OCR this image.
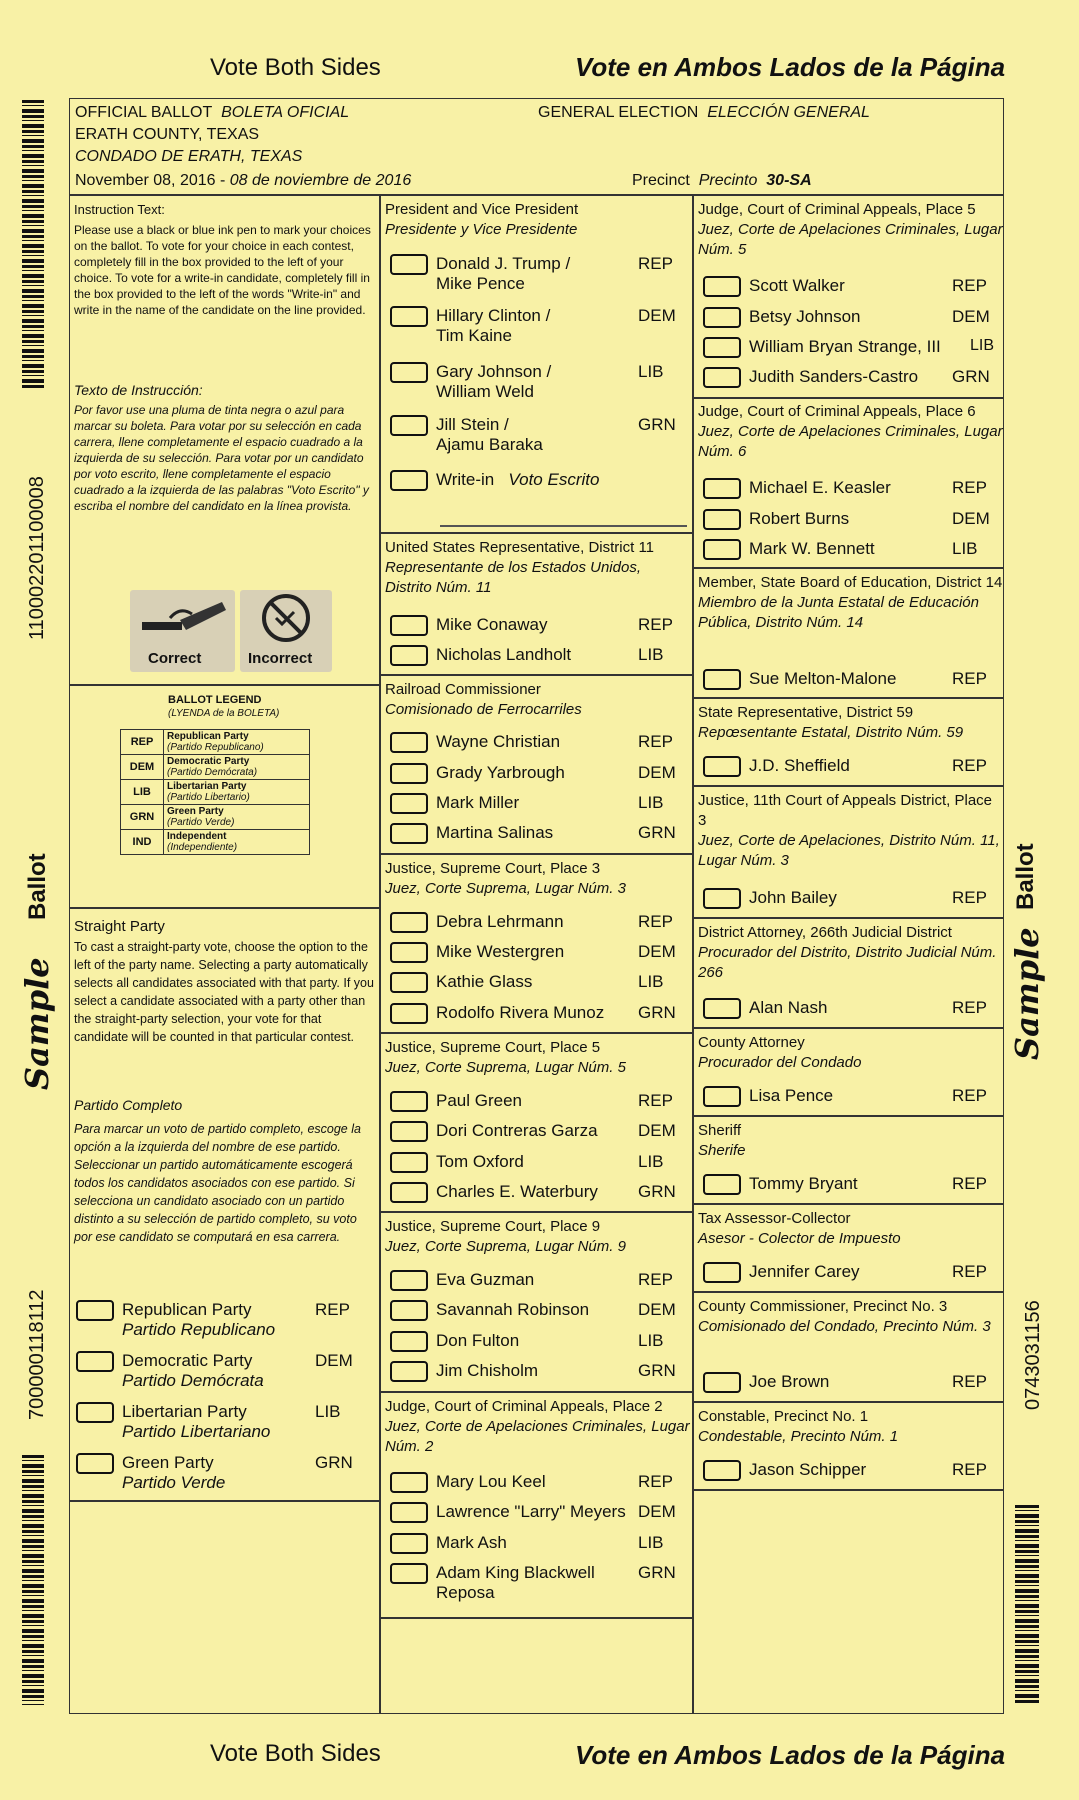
Vote Both Sides	Vote en Ambos Lados de la Página
Vote Both Sides	Vote en Ambos Lados de la Página
110002201100008
700000118112	0743031156
Sample
Ballot
Sample
Ballot
OFFICIAL BALLOT BOLETA OFICIAL	GENERAL ELECTION ELECCIÓN GENERAL
ERATH COUNTY, TEXAS
CONDADO DE ERATH, TEXAS
November 08, 2016 - 08 de noviembre de 2016	Precinct Precinto 30-SA
Instruction Text:
Please use a black or blue ink pen to mark your choices on the ballot. To vote for your choice in each contest, completely fill in the box provided to the left of your choice. To vote for a write-in candidate, completely fill in the box provided to the left of the words "Write-in" and write in the name of the candidate on the line provided.
Texto de Instrucción:
Por favor use una pluma de tinta negra o azul para marcar su boleta. Para votar por su selección en cada carrera, llene completamente el espacio cuadrado a la izquierda de su selección. Para votar por un candidato por voto escrito, llene completamente el espacio cuadrado a la izquierda de las palabras "Voto Escrito" y escriba el nombre del candidato en la línea provista.
Correct	Incorrect
BALLOT LEGEND
(LYENDA de la BOLETA)
REP	Republican Party
(Partido Republicano)
DEM	Democratic Party
(Partido Demócrata)
LIB	Libertarian Party
(Partido Libertario)
GRN	Green Party
(Partido Verde)
IND	Independent
(Independiente)
Straight Party
To cast a straight-party vote, choose the option to the left of the party name. Selecting a party automatically selects all candidates associated with that party. If you select a candidate associated with a party other than the straight-party selection, your vote for that candidate will be counted in that particular contest.
Partido Completo
Para marcar un voto de partido completo, escoge la opción a la izquierda del nombre de ese partido. Seleccionar un partido automáticamente escogerá todos los candidatos asociados con ese partido. Si selecciona un candidato asociado con un partido distinto a su selección de partido completo, su voto por ese candidato se computará en esa carrera.
Republican Party
Partido Republicano
REP
Democratic Party
Partido Demócrata
DEM
Libertarian Party
Partido Libertariano
LIB
Green Party
Partido Verde
GRN
President and Vice President
Presidente y Vice Presidente
Donald J. Trump /
Mike Pence
REP
Hillary Clinton /
Tim Kaine
DEM
Gary Johnson /
William Weld
LIB
Jill Stein /
Ajamu Baraka
GRN
Write-in
Voto Escrito
United States Representative, District 11
Representante de los Estados Unidos, Distrito Núm. 11
Mike Conaway	REP
Nicholas Landholt	LIB
Railroad Commissioner
Comisionado de Ferrocarriles
Wayne Christian	REP
Grady Yarbrough	DEM
Mark Miller	LIB
Martina Salinas	GRN
Justice, Supreme Court, Place 3
Juez, Corte Suprema, Lugar Núm. 3
Debra Lehrmann	REP
Mike Westergren	DEM
Kathie Glass	LIB
Rodolfo Rivera Munoz GRN
Justice, Supreme Court, Place 5
Juez, Corte Suprema, Lugar Núm. 5
Paul Green	REP
Dori Contreras Garza DEM
Tom Oxford	LIB
Charles E. Waterbury GRN
Justice, Supreme Court, Place 9
Juez, Corte Suprema, Lugar Núm. 9
Eva Guzman	REP
Savannah Robinson	DEM
Don Fulton	LIB
Jim Chisholm	GRN
Judge, Court of Criminal Appeals, Place 2
Juez, Corte de Apelaciones Criminales, Lugar Núm. 2
Mary Lou Keel	REP
Lawrence "Larry" Meyers DEM
Mark Ash	LIB
Adam King Blackwell
Reposa
GRN
Judge, Court of Criminal Appeals, Place 5
Juez, Corte de Apelaciones Criminales, Lugar Núm. 5
Scott Walker	REP
Betsy Johnson	DEM
William Bryan Strange, III LIB
Judith Sanders-Castro GRN
Judge, Court of Criminal Appeals, Place 6
Juez, Corte de Apelaciones Criminales, Lugar Núm. 6
Michael E. Keasler	REP
Robert Burns	DEM
Mark W. Bennett	LIB
Member, State Board of Education, District 14
Miembro de la Junta Estatal de Educación Pública, Distrito Núm. 14
Sue Melton-Malone	REP
State Representative, District 59
Repœsentante Estatal, Distrito Núm. 59
J.D. Sheffield	REP
Justice, 11th Court of Appeals District, Place 3
Juez, Corte de Apelaciones, Distrito Núm. 11, Lugar Núm. 3
John Bailey	REP
District Attorney, 266th Judicial District
Procurador del Distrito, Distrito Judicial Núm. 266
Alan Nash	REP
County Attorney
Procurador del Condado
Lisa Pence	REP
Sheriff
Sherife
Tommy Bryant	REP
Tax Assessor-Collector
Asesor - Colector de Impuesto
Jennifer Carey	REP
County Commissioner, Precinct No. 3
Comisionado del Condado, Precinto Núm. 3
Joe Brown	REP
Constable, Precinct No. 1
Condestable, Precinto Núm. 1
Jason Schipper	REP
